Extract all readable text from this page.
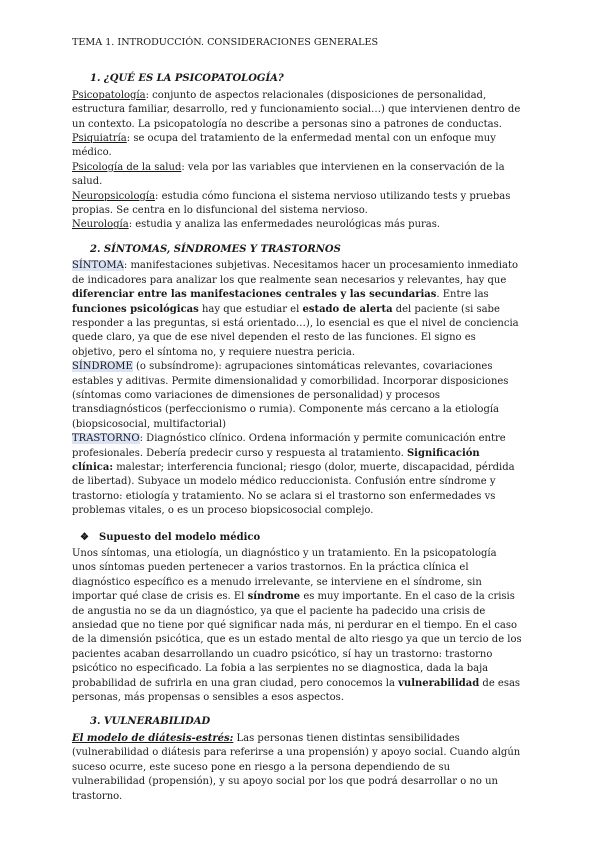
TEMA 1. INTRODUCCIÓN. CONSIDERACIONES GENERALES
1. ¿QUÉ ES LA PSICOPATOLOGÍA?

Psicopatología: conjunto de aspectos relacionales (disposiciones de personalidad, estructura familiar, desarrollo, red y funcionamiento social…) que intervienen dentro de un contexto. La psicopatología no describe a personas sino a patrones de conductas.

Psiquiatría: se ocupa del tratamiento de la enfermedad mental con un enfoque muy médico.

Psicología de la salud: vela por las variables que intervienen en la conservación de la salud.

Neuropsicología: estudia cómo funciona el sistema nervioso utilizando tests y pruebas propias. Se centra en lo disfuncional del sistema nervioso.

Neurología: estudia y analiza las enfermedades neurológicas más puras.

2. SÍNTOMAS, SÍNDROMES Y TRASTORNOS

SÍNTOMA: manifestaciones subjetivas. Necesitamos hacer un procesamiento inmediato de indicadores para analizar los que realmente sean necesarios y relevantes, hay que diferenciar entre las manifestaciones centrales y las secundarias. Entre las funciones psicológicas hay que estudiar el estado de alerta del paciente (si sabe responder a las preguntas, si está orientado…), lo esencial es que el nivel de conciencia quede claro, ya que de ese nivel dependen el resto de las funciones. El signo es objetivo, pero el síntoma no, y requiere nuestra pericia.

SÍNDROME (o subsíndrome): agrupaciones sintomáticas relevantes, covariaciones estables y aditivas. Permite dimensionalidad y comorbilidad. Incorporar disposiciones (síntomas como variaciones de dimensiones de personalidad) y procesos transdiagnósticos (perfeccionismo o rumia). Componente más cercano a la etiología (biopsicosocial, multifactorial)

TRASTORNO: Diagnóstico clínico. Ordena información y permite comunicación entre profesionales. Debería predecir curso y respuesta al tratamiento. Significación clínica: malestar; interferencia funcional; riesgo (dolor, muerte, discapacidad, pérdida de libertad). Subyace un modelo médico reduccionista. Confusión entre síndrome y trastorno: etiología y tratamiento. No se aclara si el trastorno son enfermedades vs problemas vitales, o es un proceso biopsicosocial complejo.

❖ Supuesto del modelo médico

Unos síntomas, una etiología, un diagnóstico y un tratamiento. En la psicopatología unos síntomas pueden pertenecer a varios trastornos. En la práctica clínica el diagnóstico específico es a menudo irrelevante, se interviene en el síndrome, sin importar qué clase de crisis es. El síndrome es muy importante. En el caso de la crisis de angustia no se da un diagnóstico, ya que el paciente ha padecido una crisis de ansiedad que no tiene por qué significar nada más, ni perdurar en el tiempo. En el caso de la dimensión psicótica, que es un estado mental de alto riesgo ya que un tercio de los pacientes acaban desarrollando un cuadro psicótico, sí hay un trastorno: trastorno psicótico no especificado. La fobia a las serpientes no se diagnostica, dada la baja probabilidad de sufrirla en una gran ciudad, pero conocemos la vulnerabilidad de esas personas, más propensas o sensibles a esos aspectos.

3. VULNERABILIDAD

El modelo de diátesis-estrés: Las personas tienen distintas sensibilidades (vulnerabilidad o diátesis para referirse a una propensión) y apoyo social. Cuando algún suceso ocurre, este suceso pone en riesgo a la persona dependiendo de su vulnerabilidad (propensión), y su apoyo social por los que podrá desarrollar o no un trastorno.
